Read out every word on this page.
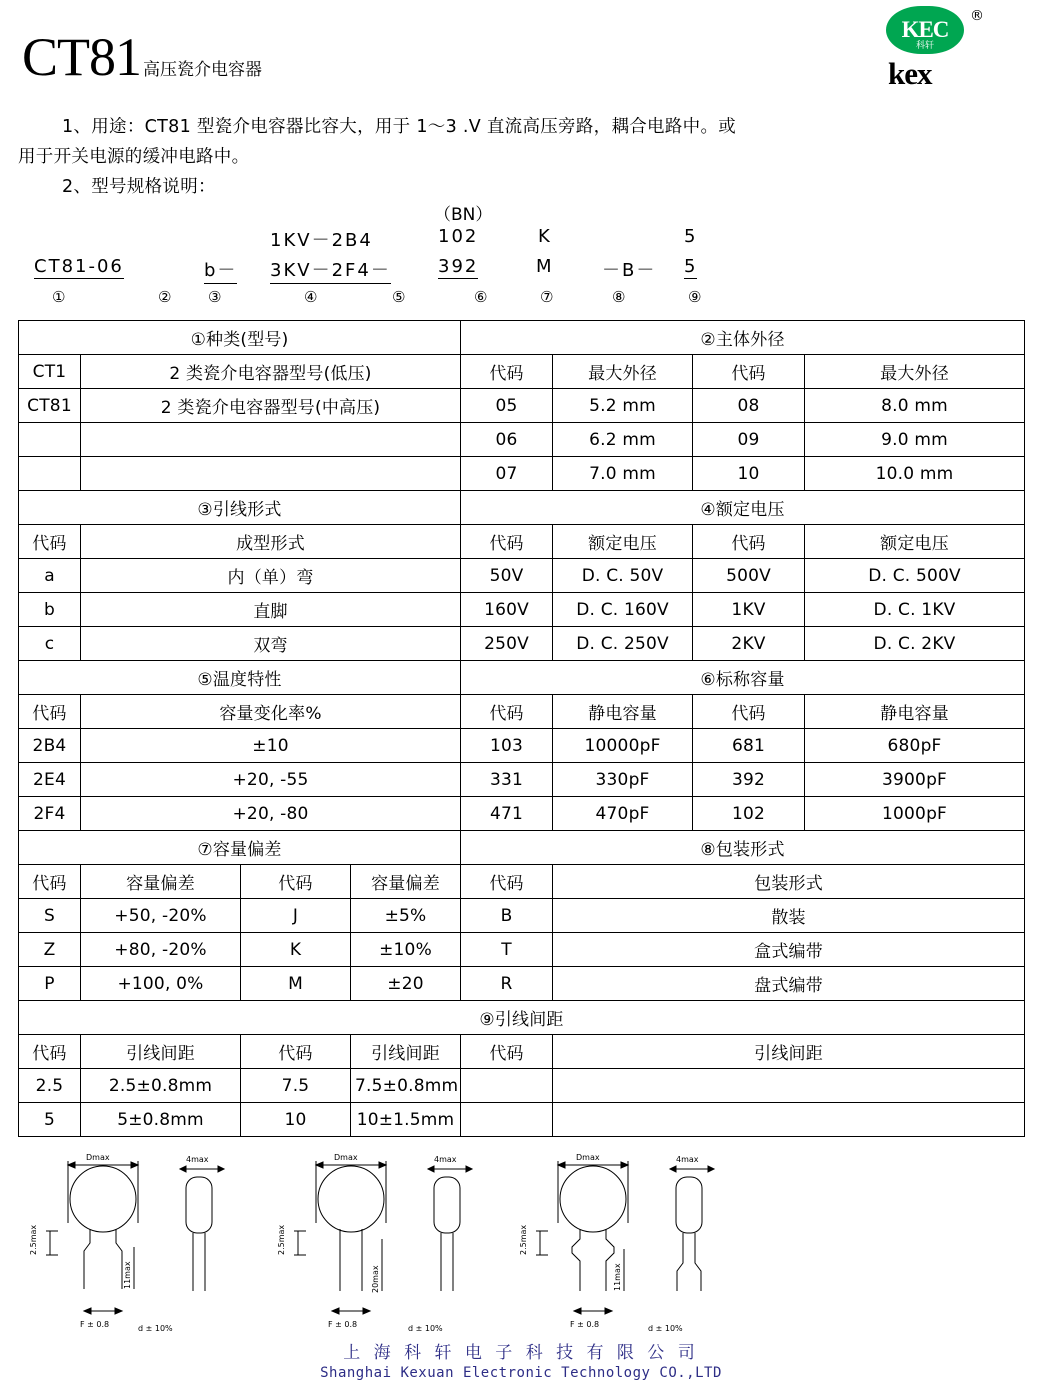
CT81 高压瓷介电容器
KEC
科轩
®
kex

1、用途：CT81 型瓷介电容器比容大，用于 1～3 .V 直流高压旁路，耦合电路中。或

用于开关电源的缓冲电路中。

2、型号规格说明：

（BN）
1KV－2B4	102	K	5
CT81-06	b－ 3KV－2F4－	392	M	－B－ 5
①	② ③	④	⑤	⑥	⑦	⑧	⑨
①种类(型号)				②主体外径			
CT1	2 类瓷介电容器型号(低压)			代码	最大外径	代码	最大外径
CT81	2 类瓷介电容器型号(中高压)			05	5.2 mm	08	8.0 mm
				06	6.2 mm	09	9.0 mm
				07	7.0 mm	10	10.0 mm
③引线形式				④额定电压			
代码	成型形式			代码	额定电压	代码	额定电压
a	内（单）弯			50V	D. C. 50V	500V	D. C. 500V
b	直脚			160V	D. C. 160V	1KV	D. C. 1KV
c	双弯			250V	D. C. 250V	2KV	D. C. 2KV
⑤温度特性				⑥标称容量			
代码	容量变化率%			代码	静电容量	代码	静电容量
2B4	±10			103	10000pF	681	680pF
2E4	+20, -55			331	330pF	392	3900pF
2F4	+20, -80			471	470pF	102	1000pF
⑦容量偏差				⑧包装形式			
代码	容量偏差	代码	容量偏差	代码	包装形式		
S	+50, -20%	J	±5%	B	散装		
Z	+80, -20%	K	±10%	T	盒式编带		
P	+100, 0%	M	±20	R	盘式编带		
⑨引线间距							
代码	引线间距	代码	引线间距	代码	引线间距		
2.5	2.5±0.8mm	7.5	7.5±0.8mm				
5	5±0.8mm	10	10±1.5mm				
Dmax	4max
2.5max
11max
d ± 10%
F ± 0.8
Dmax	4max
2.5max
20max
d ± 10%
F ± 0.8
Dmax	4max
2.5max
11max
d ± 10%
F ± 0.8
上 海 科 轩 电 子 科 技 有 限 公 司
Shanghai Kexuan Electronic Technology CO.,LTD
